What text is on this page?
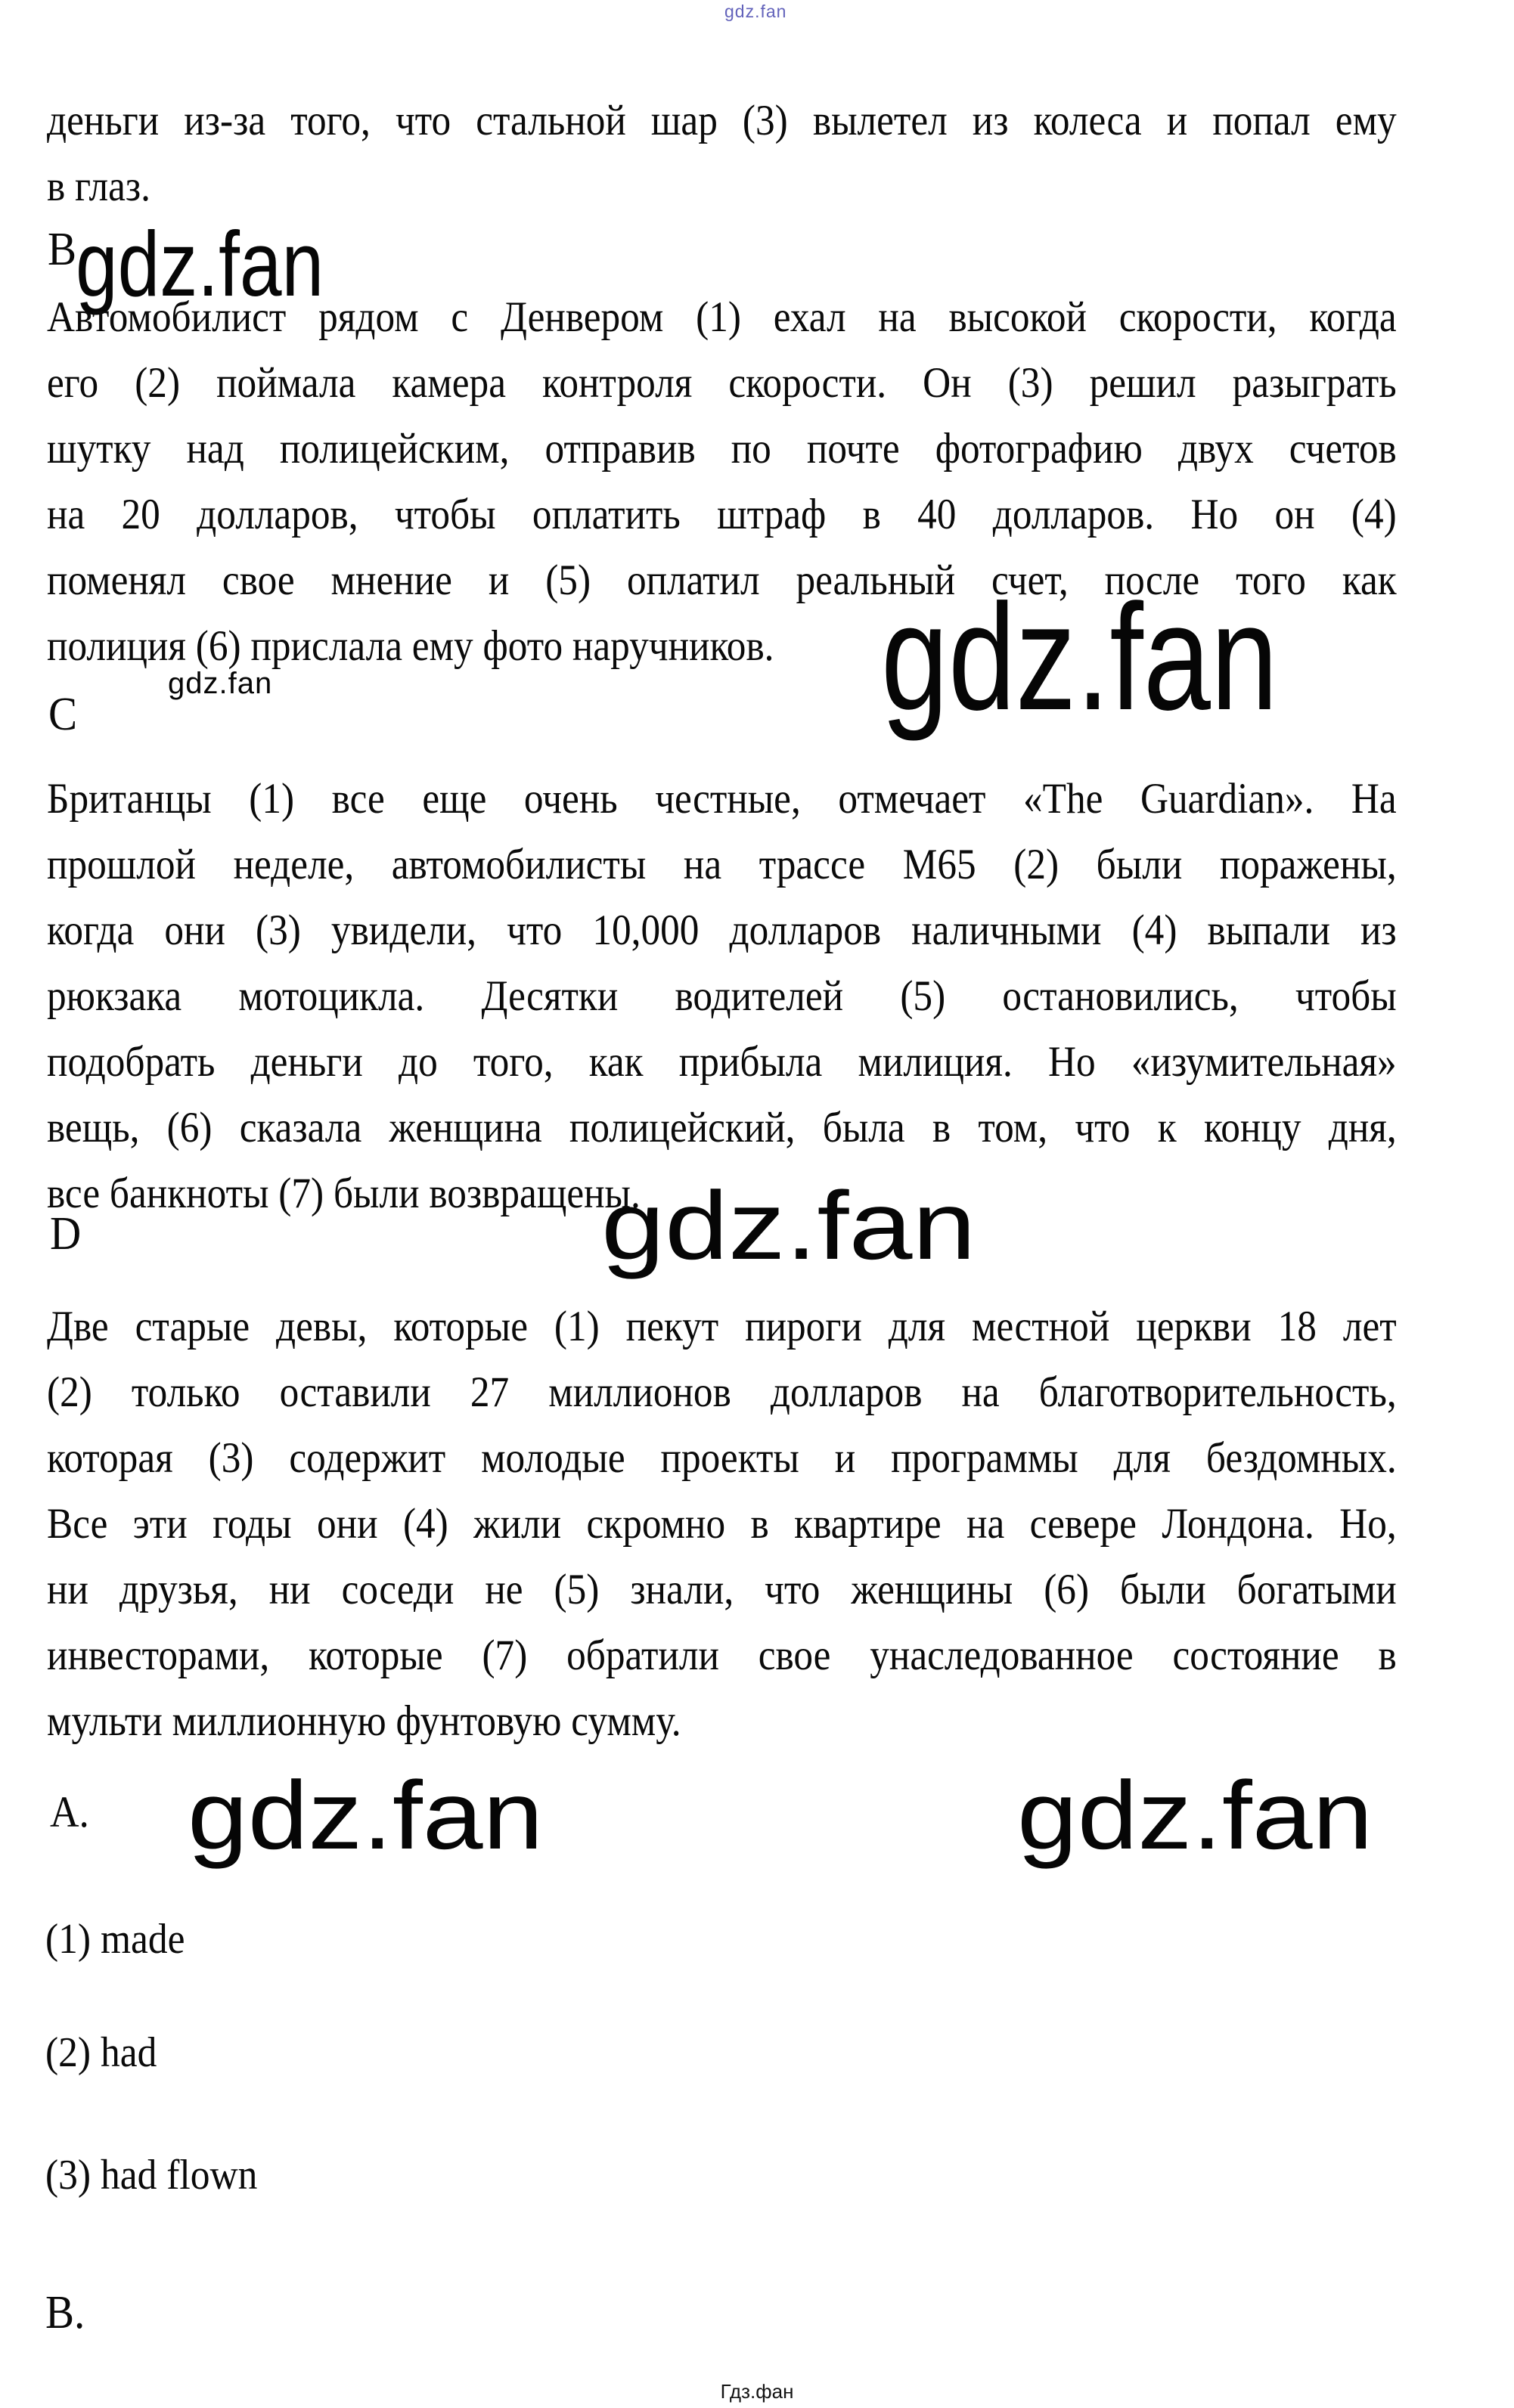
gdz.fan
деньги из-за того, что стальной шар (3) вылетел из колеса и попал ему
в глаз.
B
gdz.fan
Автомобилист рядом с Денвером (1) ехал на высокой скорости, когда
его (2) поймала камера контроля скорости. Он (3) решил разыграть
шутку над полицейским, отправив по почте фотографию двух счетов
на 20 долларов, чтобы оплатить штраф в 40 долларов. Но он (4)
поменял свое мнение и (5) оплатил реальный счет, после того как
полиция (6) прислала ему фото наручников. gdz.fan
gdz.fan
C
Британцы (1) все еще очень честные, отмечает «The Guardian». На
прошлой неделе, автомобилисты на трассе М65 (2) были поражены,
когда они (3) увидели, что 10,000 долларов наличными (4) выпали из
рюкзака мотоцикла. Десятки водителей (5) остановились, чтобы
подобрать деньги до того, как прибыла милиция. Но «изумительная»
вещь, (6) сказала женщина полицейский, была в том, что к концу дня,
все банкноты (7) были возвращены.
D	gdz.fan
Две старые девы, которые (1) пекут пироги для местной церкви 18 лет
(2) только оставили 27 миллионов долларов на благотворительность,
которая (3) содержит молодые проекты и программы для бездомных.
Все эти годы они (4) жили скромно в квартире на севере Лондона. Но,
ни друзья, ни соседи не (5) знали, что женщины (6) были богатыми
инвесторами, которые (7) обратили свое унаследованное состояние в
мульти миллионную фунтовую сумму.
A. gdz.fan	gdz.fan
(1) made
(2) had
(3) had flown
B.
Гдз.фан
